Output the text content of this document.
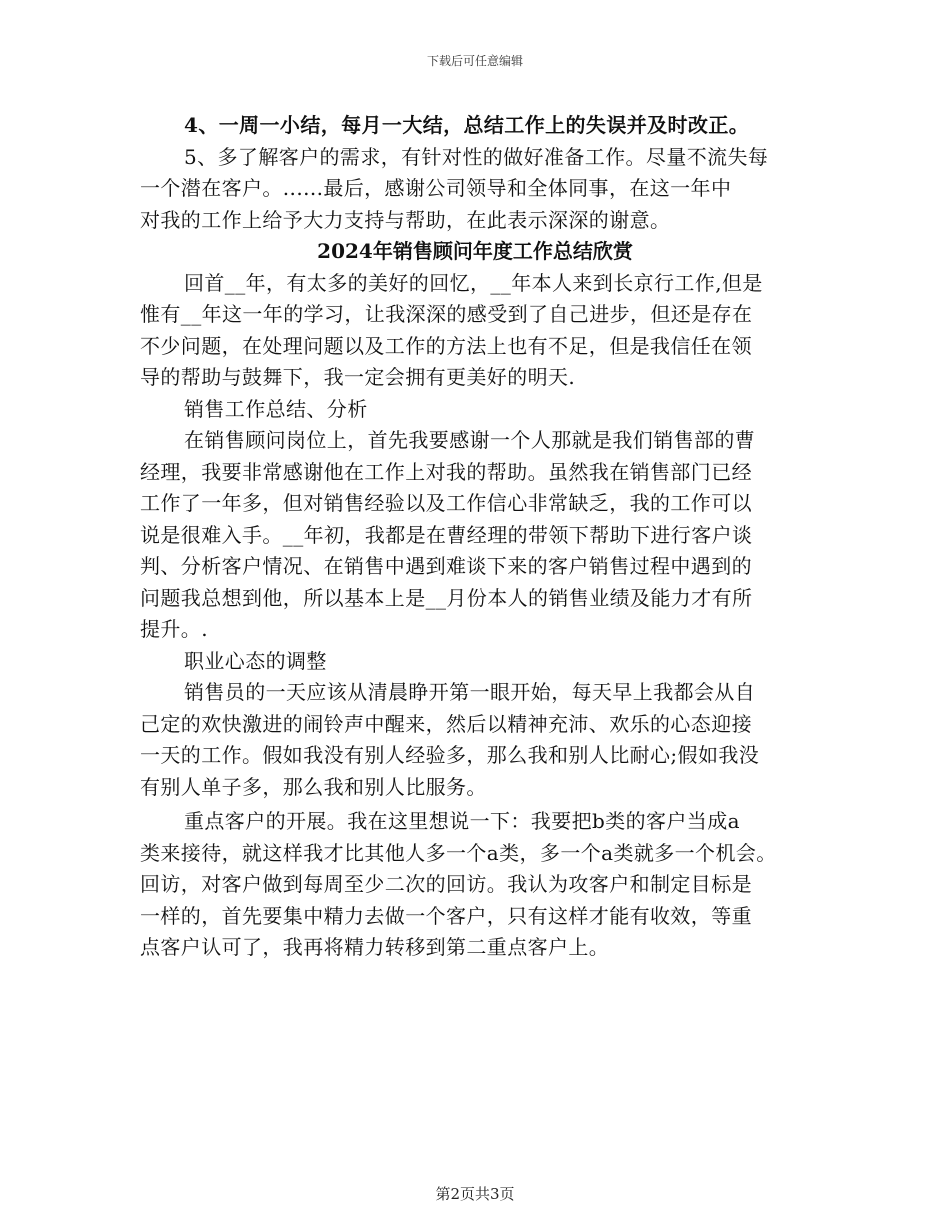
下载后可任意编辑
4、一周一小结，每月一大结，总结工作上的失误并及时改正。
5、多了解客户的需求，有针对性的做好准备工作。尽量不流失每
一个潜在客户。......最后，感谢公司领导和全体同事，在这一年中
对我的工作上给予大力支持与帮助，在此表示深深的谢意。
2024年销售顾问年度工作总结欣赏
回首__年，有太多的美好的回忆，__年本人来到长京行工作,但是
惟有__年这一年的学习，让我深深的感受到了自己进步，但还是存在
不少问题，在处理问题以及工作的方法上也有不足，但是我信任在领
导的帮助与鼓舞下，我一定会拥有更美好的明天.
销售工作总结、分析
在销售顾问岗位上，首先我要感谢一个人那就是我们销售部的曹
经理，我要非常感谢他在工作上对我的帮助。虽然我在销售部门已经
工作了一年多，但对销售经验以及工作信心非常缺乏，我的工作可以
说是很难入手。__年初，我都是在曹经理的带领下帮助下进行客户谈
判、分析客户情况、在销售中遇到难谈下来的客户销售过程中遇到的
问题我总想到他，所以基本上是__月份本人的销售业绩及能力才有所
提升。.
职业心态的调整
销售员的一天应该从清晨睁开第一眼开始，每天早上我都会从自
己定的欢快激进的闹铃声中醒来，然后以精神充沛、欢乐的心态迎接
一天的工作。假如我没有别人经验多，那么我和别人比耐心;假如我没
有别人单子多，那么我和别人比服务。
重点客户的开展。我在这里想说一下：我要把b类的客户当成a
类来接待，就这样我才比其他人多一个a类，多一个a类就多一个机会。
回访，对客户做到每周至少二次的回访。我认为攻客户和制定目标是
一样的，首先要集中精力去做一个客户，只有这样才能有收效，等重
点客户认可了，我再将精力转移到第二重点客户上。
第2页共3页
